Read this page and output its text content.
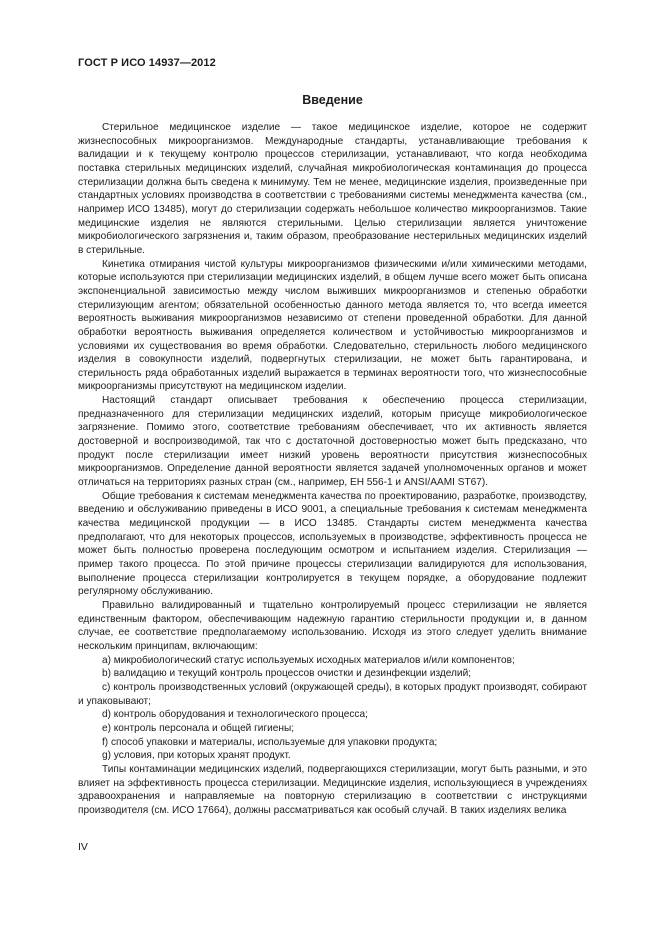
ГОСТ Р ИСО 14937—2012
Введение

Стерильное медицинское изделие — такое медицинское изделие, которое не содержит жизнеспособных микроорганизмов. Международные стандарты, устанавливающие требования к валидации и к текущему контролю процессов стерилизации, устанавливают, что когда необходима поставка стерильных медицинских изделий, случайная микробиологическая контаминация до процесса стерилизации должна быть сведена к минимуму. Тем не менее, медицинские изделия, произведенные при стандартных условиях производства в соответствии с требованиями системы менеджмента качества (см., например ИСО 13485), могут до стерилизации содержать небольшое количество микроорганизмов. Такие медицинские изделия не являются стерильными. Целью стерилизации является уничтожение микробиологического загрязнения и, таким образом, преобразование нестерильных медицинских изделий в стерильные.

Кинетика отмирания чистой культуры микроорганизмов физическими и/или химическими методами, которые используются при стерилизации медицинских изделий, в общем лучше всего может быть описана экспоненциальной зависимостью между числом выживших микроорганизмов и степенью обработки стерилизующим агентом; обязательной особенностью данного метода является то, что всегда имеется вероятность выживания микроорганизмов независимо от степени проведенной обработки. Для данной обработки вероятность выживания определяется количеством и устойчивостью микроорганизмов и условиями их существования во время обработки. Следовательно, стерильность любого медицинского изделия в совокупности изделий, подвергнутых стерилизации, не может быть гарантирована, и стерильность ряда обработанных изделий выражается в терминах вероятности того, что жизнеспособные микроорганизмы присутствуют на медицинском изделии.

Настоящий стандарт описывает требования к обеспечению процесса стерилизации, предназначенного для стерилизации медицинских изделий, которым присуще микробиологическое загрязнение. Помимо этого, соответствие требованиям обеспечивает, что их активность является достоверной и воспроизводимой, так что с достаточной достоверностью может быть предсказано, что продукт после стерилизации имеет низкий уровень вероятности присутствия жизнеспособных микроорганизмов. Определение данной вероятности является задачей уполномоченных органов и может отличаться на территориях разных стран (см., например, ЕН 556-1 и ANSI/AAMI ST67).

Общие требования к системам менеджмента качества по проектированию, разработке, производству, введению и обслуживанию приведены в ИСО 9001, а специальные требования к системам менеджмента качества медицинской продукции — в ИСО 13485. Стандарты систем менеджмента качества предполагают, что для некоторых процессов, используемых в производстве, эффективность процесса не может быть полностью проверена последующим осмотром и испытанием изделия. Стерилизация — пример такого процесса. По этой причине процессы стерилизации валидируются для использования, выполнение процесса стерилизации контролируется в текущем порядке, а оборудование подлежит регулярному обслуживанию.

Правильно валидированный и тщательно контролируемый процесс стерилизации не является единственным фактором, обеспечивающим надежную гарантию стерильности продукции и, в данном случае, ее соответствие предполагаемому использованию. Исходя из этого следует уделить внимание нескольким принципам, включающим:

a) микробиологический статус используемых исходных материалов и/или компонентов;

b) валидацию и текущий контроль процессов очистки и дезинфекции изделий;

c) контроль производственных условий (окружающей среды), в которых продукт производят, собирают и упаковывают;

d) контроль оборудования и технологического процесса;

e) контроль персонала и общей гигиены;

f) способ упаковки и материалы, используемые для упаковки продукта;

g) условия, при которых хранят продукт.

Типы контаминации медицинских изделий, подвергающихся стерилизации, могут быть разными, и это влияет на эффективность процесса стерилизации. Медицинские изделия, использующиеся в учреждениях здравоохранения и направляемые на повторную стерилизацию в соответствии с инструкциями производителя (см. ИСО 17664), должны рассматриваться как особый случай. В таких изделиях велика

IV
